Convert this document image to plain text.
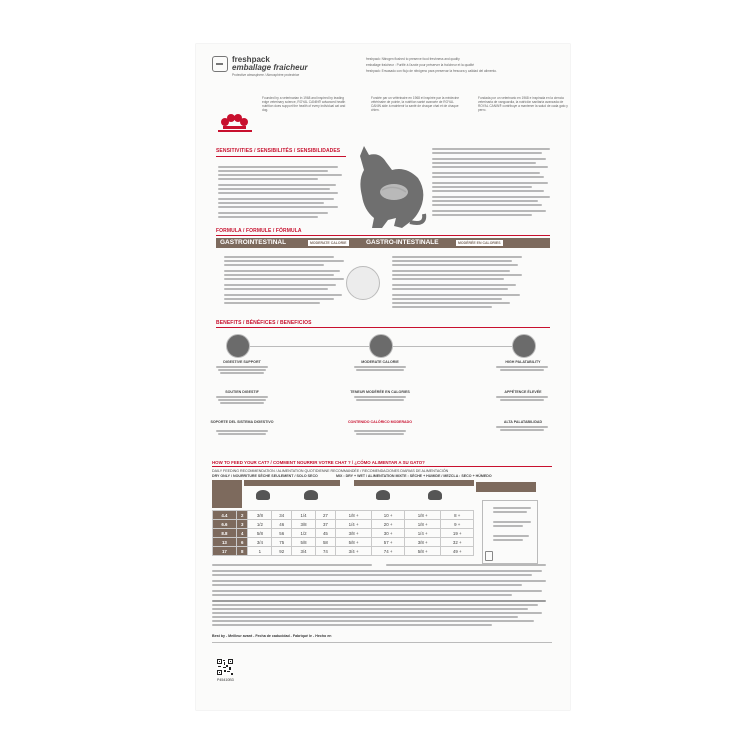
freshpack
emballage fraicheur
Protective atmosphere / Atmosphère protectrice
freshpack: Nitrogen flushed to preserve food freshness and quality
emballage fraicheur : Purifié à l'azote pour préserver la fraîcheur et la qualité
freshpack: Envasado con flujo de nitrógeno para preservar la frescura y calidad del alimento.
Founded by a veterinarian in 1968 and inspired by leading edge veterinary science, ROYAL CANIN® advanced health nutrition does support the health of every individual cat and dog.
Fondée par un vétérinaire en 1968 et inspirée par la médecine vétérinaire de pointe, la nutrition santé avancée de ROYAL CANIN aide à maintenir la santé de chaque chat et de chaque chien.
Fundada por un veterinario en 1968 e inspirada en la ciencia veterinaria de vanguardia, la nutrición sanitaria avanzada de ROYAL CANIN® contribuye a mantener la salud de cada gato y perro.
SENSITIVITIES / SENSIBILITÉS / SENSIBILIDADES
FORMULA / FORMULE / FÓRMULA
GASTROINTESTINAL	MODERATE CALORIE	GASTRO-INTESTINALE	MODÉRÉE EN CALORIES
BENEFITS / BÉNÉFICES / BENEFICIOS
DIGESTIVE SUPPORT	MODERATE CALORIE	HIGH PALATABILITY
SOUTIEN DIGESTIF	TENEUR MODÉRÉE EN CALORIES	APPÉTENCE ÉLEVÉE
SOPORTE DEL SISTEMA DIGESTIVO	CONTENIDO CALÓRICO MODERADO	ALTA PALATABILIDAD
HOW TO FEED YOUR CAT? / COMMENT NOURRIR VOTRE CHAT ? / ¿CÓMO ALIMENTAR A SU GATO?
DAILY FEEDING RECOMMENDATION / ALIMENTATION QUOTIDIENNE RECOMMANDÉE / RECOMENDACIONES DIARIAS DE ALIMENTACIÓN
DRY ONLY / NOURRITURE SÈCHE SEULEMENT / SOLO SECO	MIX : DRY + WET / ALIMENTATION MIXTE : SÈCHE + HUMIDE / MEZCLA : SECO + HÚMEDO
4.4	2	3/8	34	1/4	27	1/8 +	10 +	1/8 +	8 +
6.6	3	1/2	46	3/8	37	1/4 +	20 +	1/8 +	9 +
8.8	4	5/8	56	1/2	45	3/8 +	30 +	1/4 +	19 +
13	6	3/4	75	5/8	58	5/8 +	57 +	3/8 +	32 +
17	8	1	92	3/4	74	3/4 +	74 +	5/8 +	49 +
Best by - Meilleur avant - Fecha de caducidad - Fabriqué le - Hecho en
P45410B3
